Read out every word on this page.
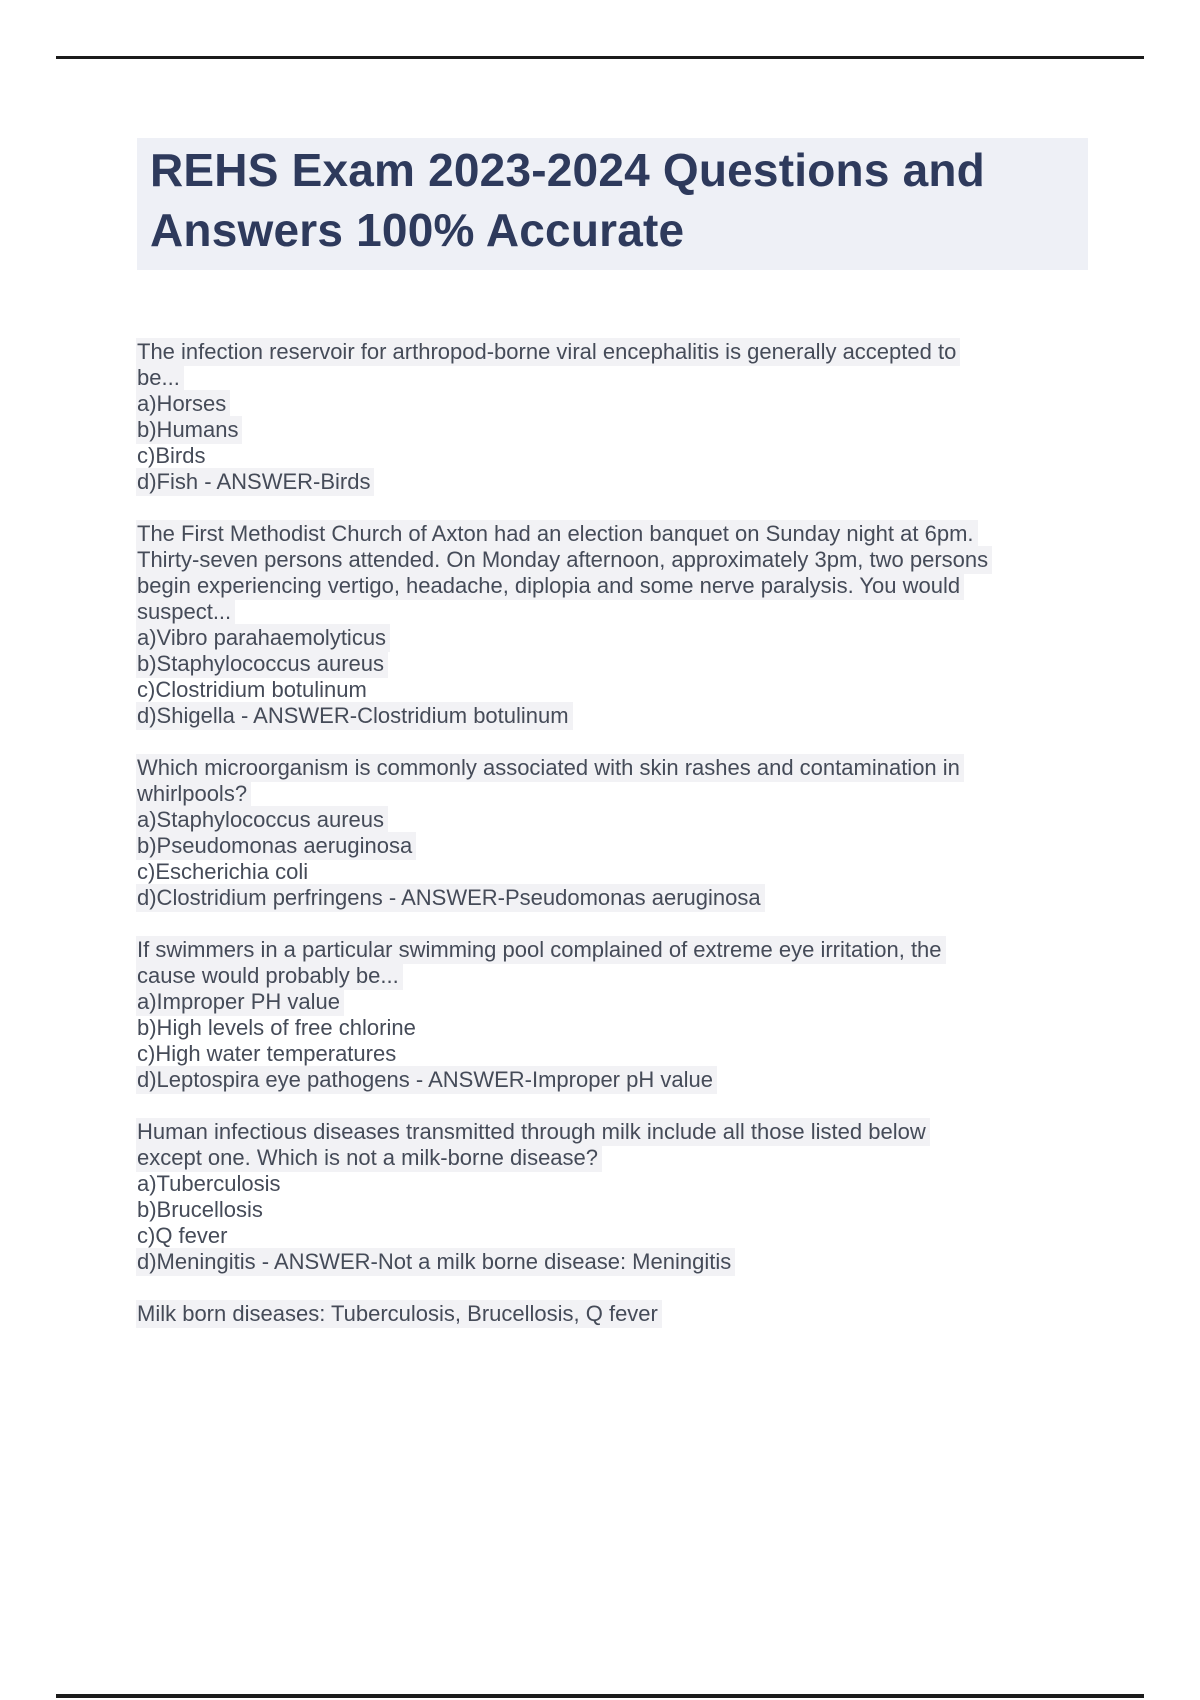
REHS Exam 2023-2024 Questions and
Answers 100% Accurate
The infection reservoir for arthropod-borne viral encephalitis is generally accepted to
be...
a)Horses
b)Humans
c)Birds
d)Fish - ANSWER-Birds
The First Methodist Church of Axton had an election banquet on Sunday night at 6pm.
Thirty-seven persons attended. On Monday afternoon, approximately 3pm, two persons
begin experiencing vertigo, headache, diplopia and some nerve paralysis. You would
suspect...
a)Vibro parahaemolyticus
b)Staphylococcus aureus
c)Clostridium botulinum
d)Shigella - ANSWER-Clostridium botulinum
Which microorganism is commonly associated with skin rashes and contamination in
whirlpools?
a)Staphylococcus aureus
b)Pseudomonas aeruginosa
c)Escherichia coli
d)Clostridium perfringens - ANSWER-Pseudomonas aeruginosa
If swimmers in a particular swimming pool complained of extreme eye irritation, the
cause would probably be...
a)Improper PH value
b)High levels of free chlorine
c)High water temperatures
d)Leptospira eye pathogens - ANSWER-Improper pH value
Human infectious diseases transmitted through milk include all those listed below
except one. Which is not a milk-borne disease?
a)Tuberculosis
b)Brucellosis
c)Q fever
d)Meningitis - ANSWER-Not a milk borne disease: Meningitis
Milk born diseases: Tuberculosis, Brucellosis, Q fever
